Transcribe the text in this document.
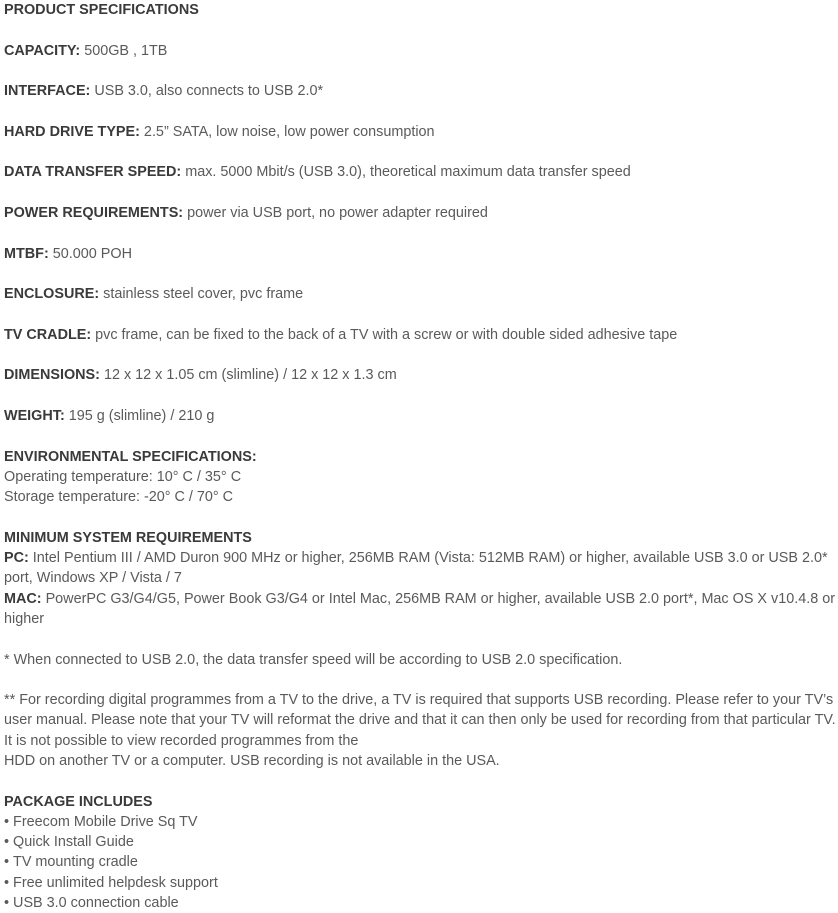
PRODUCT SPECIFICATIONS
CAPACITY: 500GB , 1TB
INTERFACE: USB 3.0, also connects to USB 2.0*
HARD DRIVE TYPE: 2.5” SATA, low noise, low power consumption
DATA TRANSFER SPEED: max. 5000 Mbit/s (USB 3.0), theoretical maximum data transfer speed
POWER REQUIREMENTS: power via USB port, no power adapter required
MTBF: 50.000 POH
ENCLOSURE: stainless steel cover, pvc frame
TV CRADLE: pvc frame, can be fixed to the back of a TV with a screw or with double sided adhesive tape
DIMENSIONS: 12 x 12 x 1.05 cm (slimline) / 12 x 12 x 1.3 cm
WEIGHT: 195 g (slimline) / 210 g
ENVIRONMENTAL SPECIFICATIONS:
Operating temperature: 10° C / 35° C
Storage temperature: -20° C / 70° C
MINIMUM SYSTEM REQUIREMENTS
PC: Intel Pentium III / AMD Duron 900 MHz or higher, 256MB RAM (Vista: 512MB RAM) or higher, available USB 3.0 or USB 2.0* port, Windows XP / Vista / 7
MAC: PowerPC G3/G4/G5, Power Book G3/G4 or Intel Mac, 256MB RAM or higher, available USB 2.0 port*, Mac OS X v10.4.8 or higher
* When connected to USB 2.0, the data transfer speed will be according to USB 2.0 specification.
** For recording digital programmes from a TV to the drive, a TV is required that supports USB recording. Please refer to your TV’s user manual. Please note that your TV will reformat the drive and that it can then only be used for recording from that particular TV. It is not possible to view recorded programmes from the
HDD on another TV or a computer. USB recording is not available in the USA.
PACKAGE INCLUDES
• Freecom Mobile Drive Sq TV
• Quick Install Guide
• TV mounting cradle
• Free unlimited helpdesk support
• USB 3.0 connection cable
